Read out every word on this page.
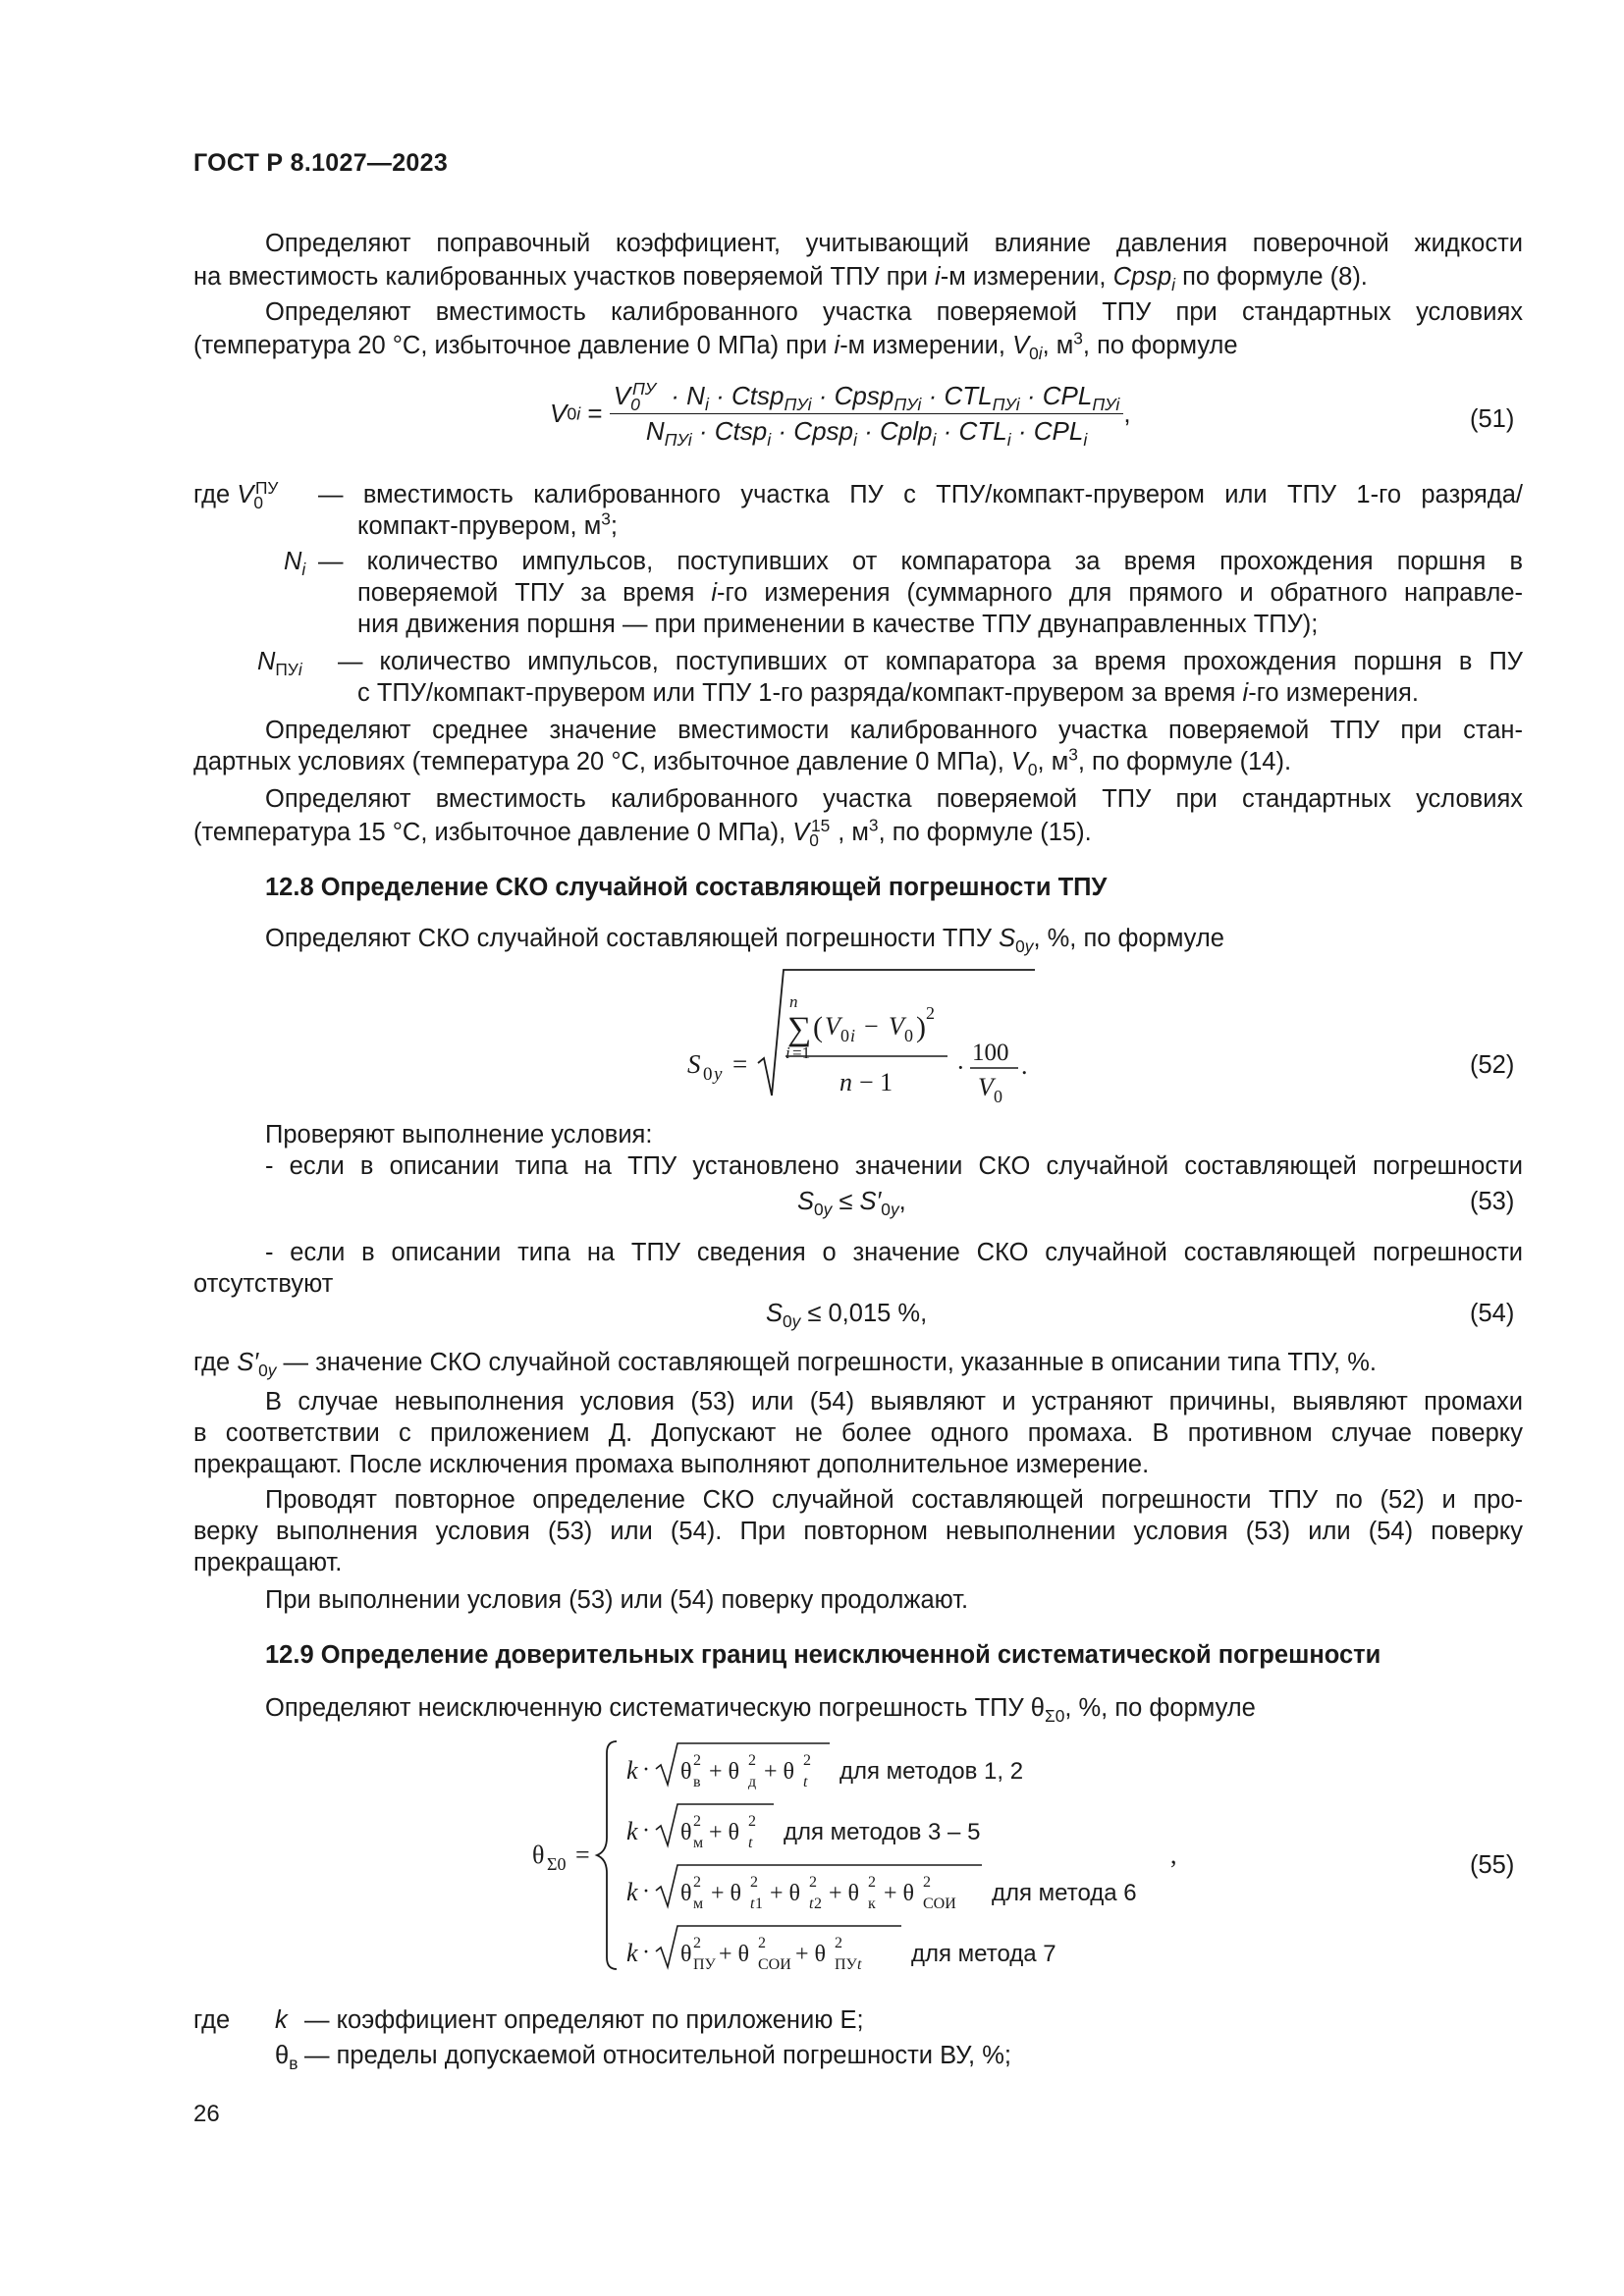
ГОСТ Р 8.1027—2023
Определяют поправочный коэффициент, учитывающий влияние давления поверочной жидкости
на вместимость калиброванных участков поверяемой ТПУ при i-м измерении, Cpsp$_i$ по формуле (8).
Определяют вместимость калиброванного участка поверяемой ТПУ при стандартных условиях
(температура 20 °С, избыточное давление 0 МПа) при i-м измерении, $V_{0i}$, $м^3$, по формуле
$V0i = \frac{V_0^{ПУ} \cdot N_i \cdot Ctsp_{ПУi} \cdot Cpsp_{ПУi} \cdot CTL_{ПУi} \cdot CPL_{ПУi}}{N_{ПУi} \cdot Ctsp_i \cdot Cpsp_i \cdot Cplp_i \cdot CTL_i \cdot CPL_i}$ ,	(51)
где $V_0^{ПУ}$	— вместимость калиброванного участка ПУ с ТПУ/компакт-прувером или ТПУ 1-го разряда/
компакт-прувером, $м^3$;
$N_i$ — количество импульсов, поступивших от компаратора за время прохождения поршня в
поверяемой ТПУ за время i-го измерения (суммарного для прямого и обратного направле-
ния движения поршня — при применении в качестве ТПУ двунаправленных ТПУ);
$N_{ПУi}$ — количество импульсов, поступивших от компаратора за время прохождения поршня в ПУ
с ТПУ/компакт-прувером или ТПУ 1-го разряда/компакт-прувером за время i-го измерения.
Определяют среднее значение вместимости калиброванного участка поверяемой ТПУ при стан-
дартных условиях (температура 20 °С, избыточное давление 0 МПа), $V_0$, $м^3$, по формуле (14).
Определяют вместимость калиброванного участка поверяемой ТПУ при стандартных условиях
(температура 15 °С, избыточное давление 0 МПа), $V_0^{15}$ , $м^3$, по формуле (15).
12.8 Определение СКО случайной составляющей погрешности ТПУ
Определяют СКО случайной составляющей погрешности ТПУ $S_{0y}$, %, по формуле
S 0 y =
n
∑
i =1
( V 0 i − V 0 ) 2
n − 1
·
100
V 0
.	(52)
Проверяют выполнение условия:
- если в описании типа на ТПУ установлено значении СКО случайной составляющей погрешности
$S_{0y} \le S'_{0y}$,	(53)
- если в описании типа на ТПУ сведения о значение СКО случайной составляющей погрешности
отсутствуют
$S_{0y} \le 0,015$ %,	(54)
где $S'_{0y}$ — значение СКО случайной составляющей погрешности, указанные в описании типа ТПУ, %.
В случае невыполнения условия (53) или (54) выявляют и устраняют причины, выявляют промахи
в соответствии с приложением Д. Допускают не более одного промаха. В противном случае поверку
прекращают. После исключения промаха выполняют дополнительное измерение.
Проводят повторное определение СКО случайной составляющей погрешности ТПУ по (52) и про-
верку выполнения условия (53) или (54). При повторном невыполнении условия (53) или (54) поверку
прекращают.
При выполнении условия (53) или (54) поверку продолжают.
12.9 Определение доверительных границ неисключенной систематической погрешности
Определяют неисключенную систематическую погрешность ТПУ $\theta_{\Sigma 0}$, %, по формуле
θ Σ0 =
k · θ 2
в + θ 2
д + θ 2
t для методов 1, 2
k · θ 2
м + θ 2
t для методов 3 – 5
k · θ 2
м + θ 2
t 1 + θ 2
t 2 + θ 2
к + θ 2
СОИ для метода 6
k · θ 2
ПУ + θ 2
СОИ + θ 2
ПУ t для метода 7
,	(55)
где k — коэффициент определяют по приложению Е;
$\theta_в$ — пределы допускаемой относительной погрешности ВУ, %;
26
